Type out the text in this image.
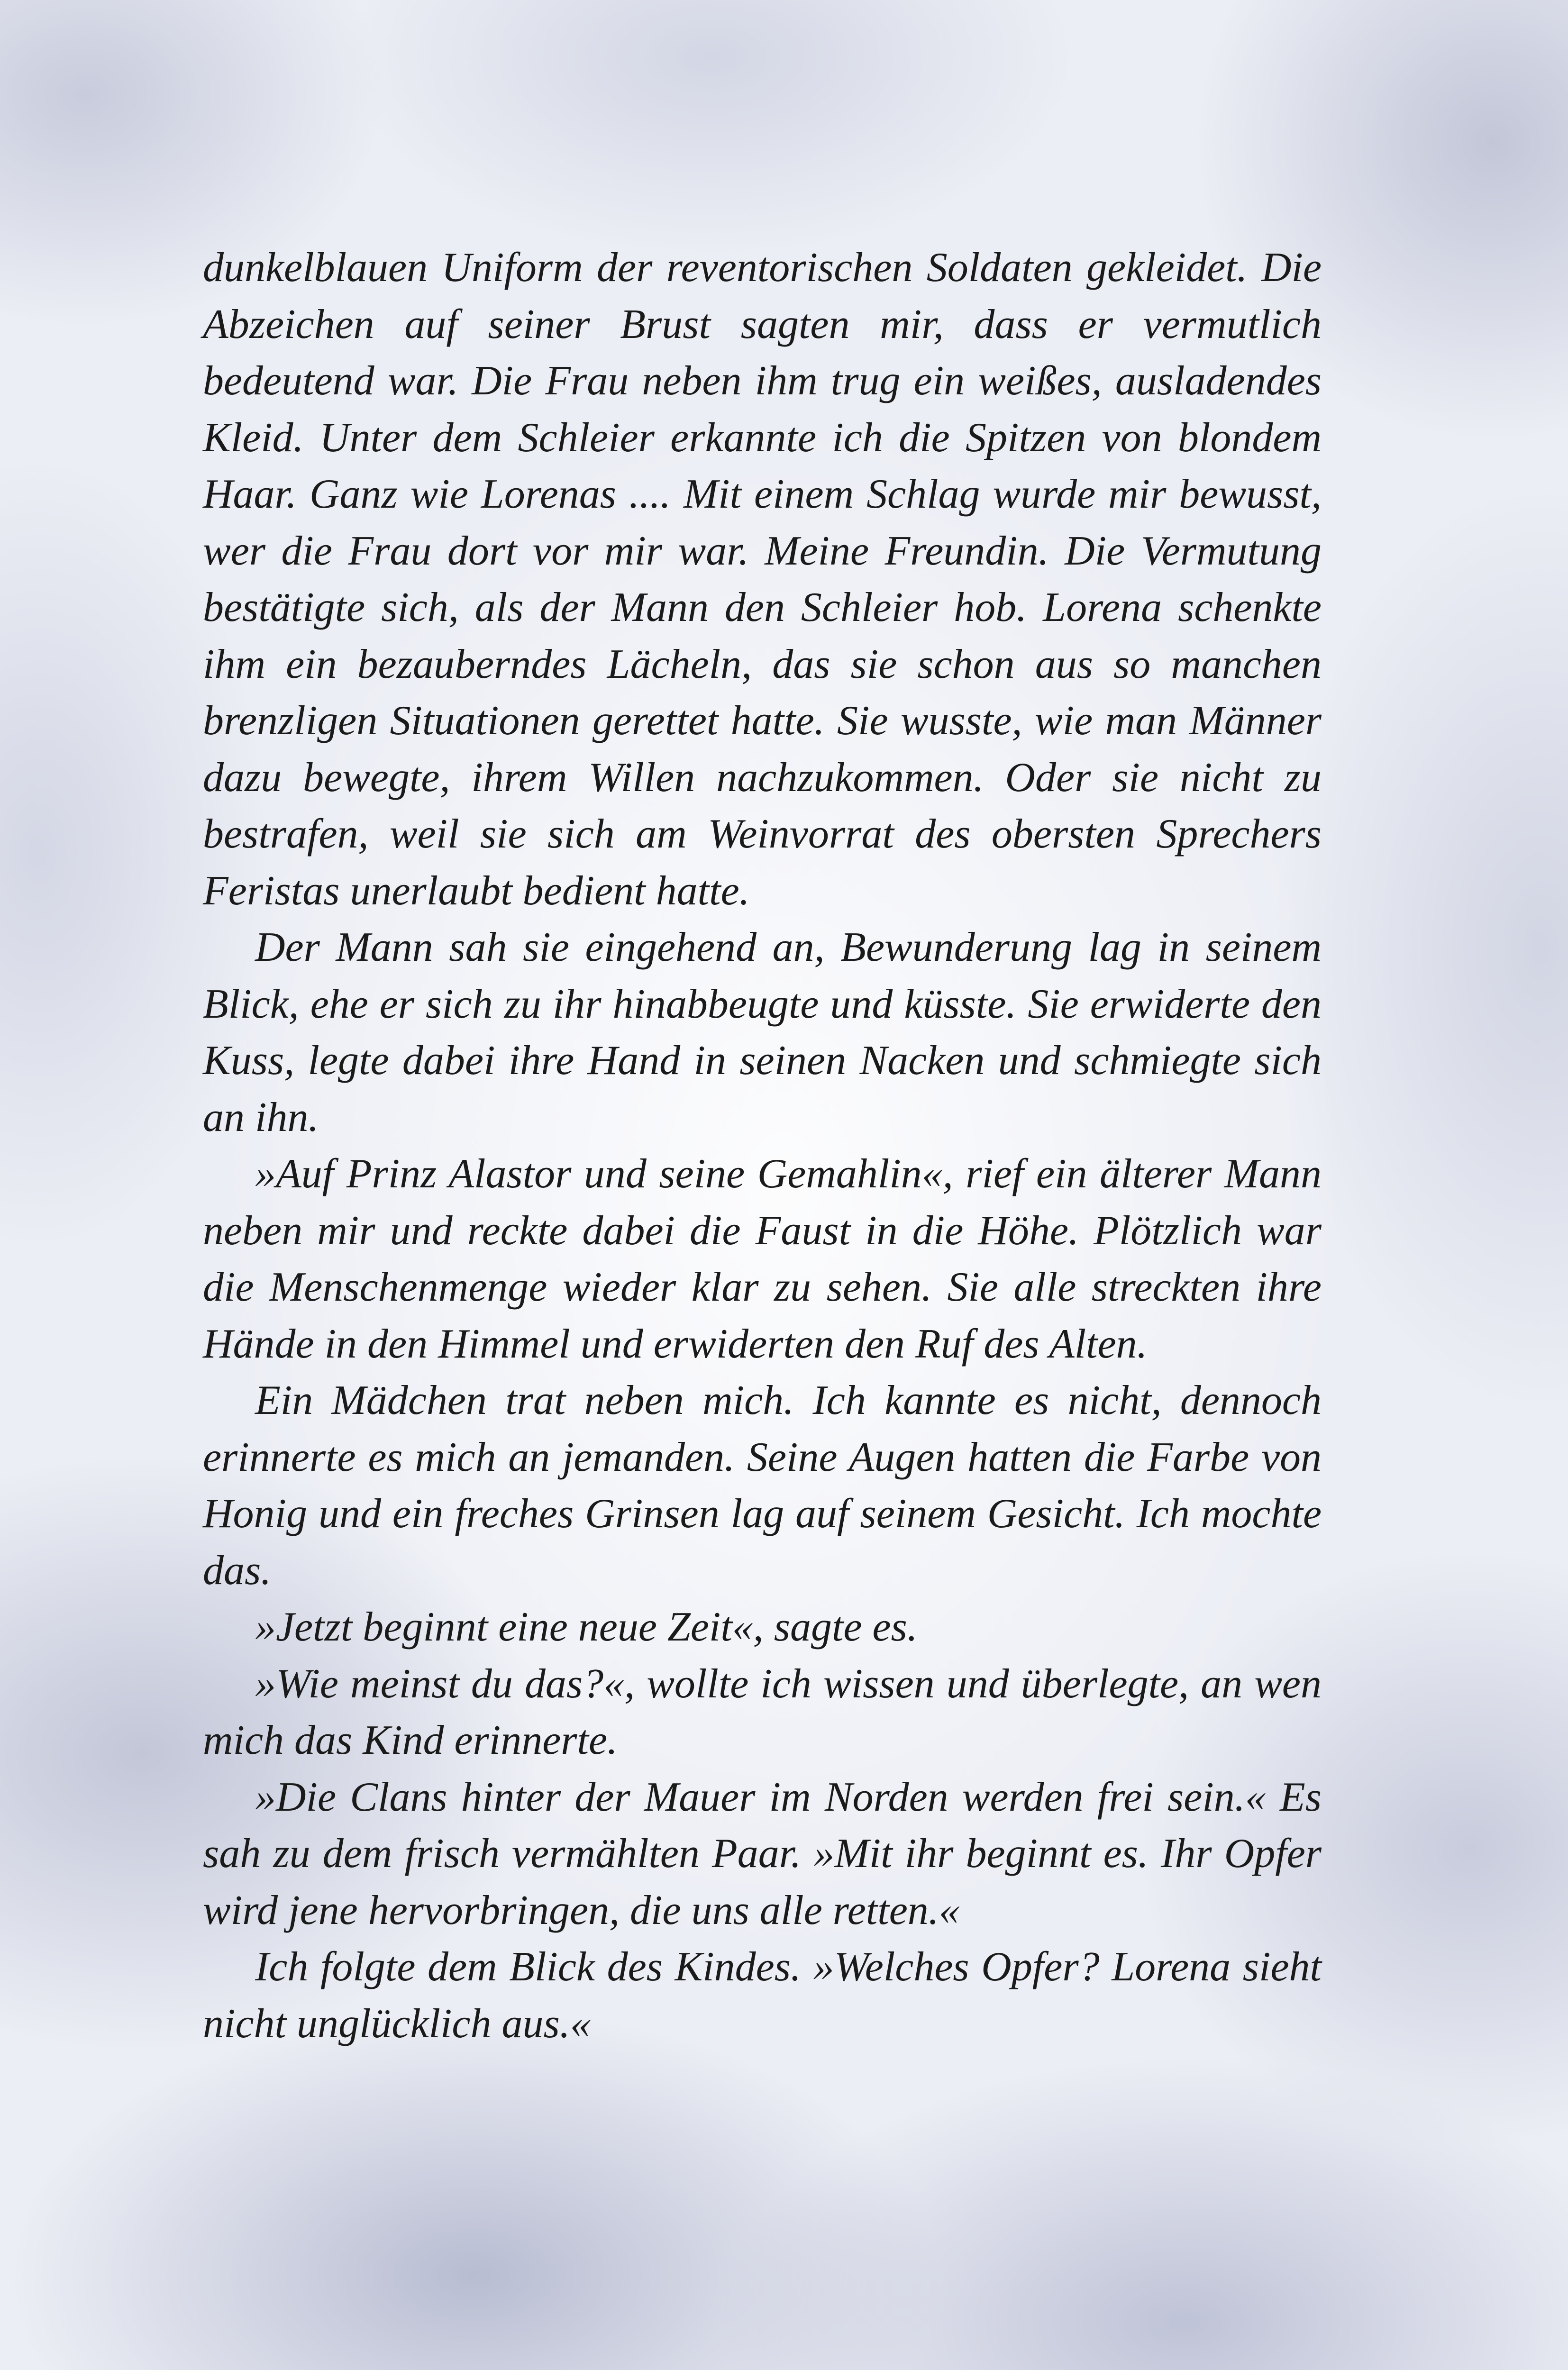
dunkelblauen Uniform der reventorischen Soldaten gekleidet. Die Abzeichen auf seiner Brust sagten mir, dass er vermutlich bedeutend war. Die Frau neben ihm trug ein weißes, ausladendes Kleid. Unter dem Schleier erkannte ich die Spitzen von blondem Haar. Ganz wie Lorenas .... Mit einem Schlag wurde mir bewusst, wer die Frau dort vor mir war. Meine Freundin. Die Vermutung bestätigte sich, als der Mann den Schleier hob. Lorena schenkte ihm ein bezauberndes Lächeln, das sie schon aus so manchen brenzligen Situationen gerettet hatte. Sie wusste, wie man Männer dazu bewegte, ihrem Willen nachzukommen. Oder sie nicht zu bestrafen, weil sie sich am Weinvorrat des obersten Sprechers Feristas unerlaubt bedient hatte.

Der Mann sah sie eingehend an, Bewunderung lag in seinem Blick, ehe er sich zu ihr hinabbeugte und küsste. Sie erwiderte den Kuss, legte dabei ihre Hand in seinen Nacken und schmiegte sich an ihn.

»Auf Prinz Alastor und seine Gemahlin«, rief ein älterer Mann neben mir und reckte dabei die Faust in die Höhe. Plötzlich war die Menschenmenge wieder klar zu sehen. Sie alle streckten ihre Hände in den Himmel und erwiderten den Ruf des Alten.

Ein Mädchen trat neben mich. Ich kannte es nicht, dennoch erinnerte es mich an jemanden. Seine Augen hatten die Farbe von Honig und ein freches Grinsen lag auf seinem Gesicht. Ich mochte das.

»Jetzt beginnt eine neue Zeit«, sagte es.

»Wie meinst du das?«, wollte ich wissen und überlegte, an wen mich das Kind erinnerte.

»Die Clans hinter der Mauer im Norden werden frei sein.« Es sah zu dem frisch vermählten Paar. »Mit ihr beginnt es. Ihr Opfer wird jene hervorbringen, die uns alle retten.«

Ich folgte dem Blick des Kindes. »Welches Opfer? Lorena sieht nicht unglücklich aus.«
